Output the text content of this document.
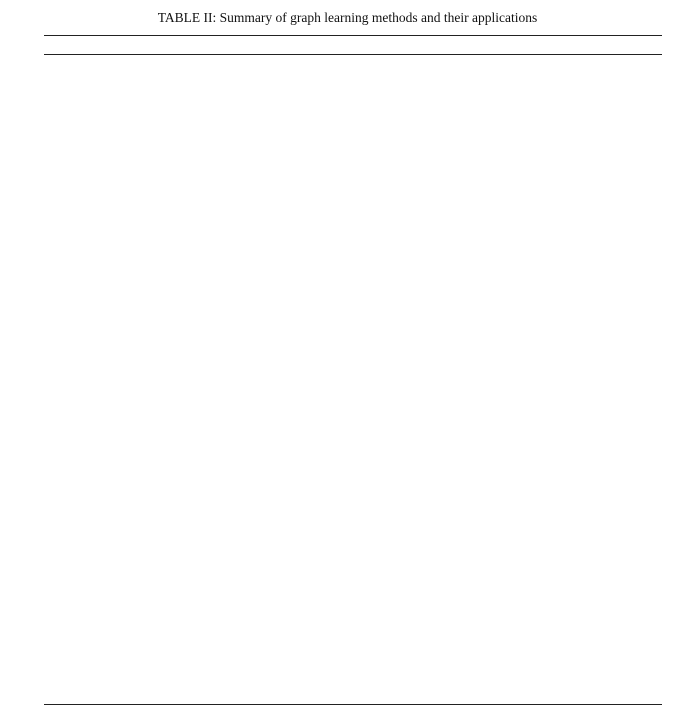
TABLE II: Summary of graph learning methods and their applications
